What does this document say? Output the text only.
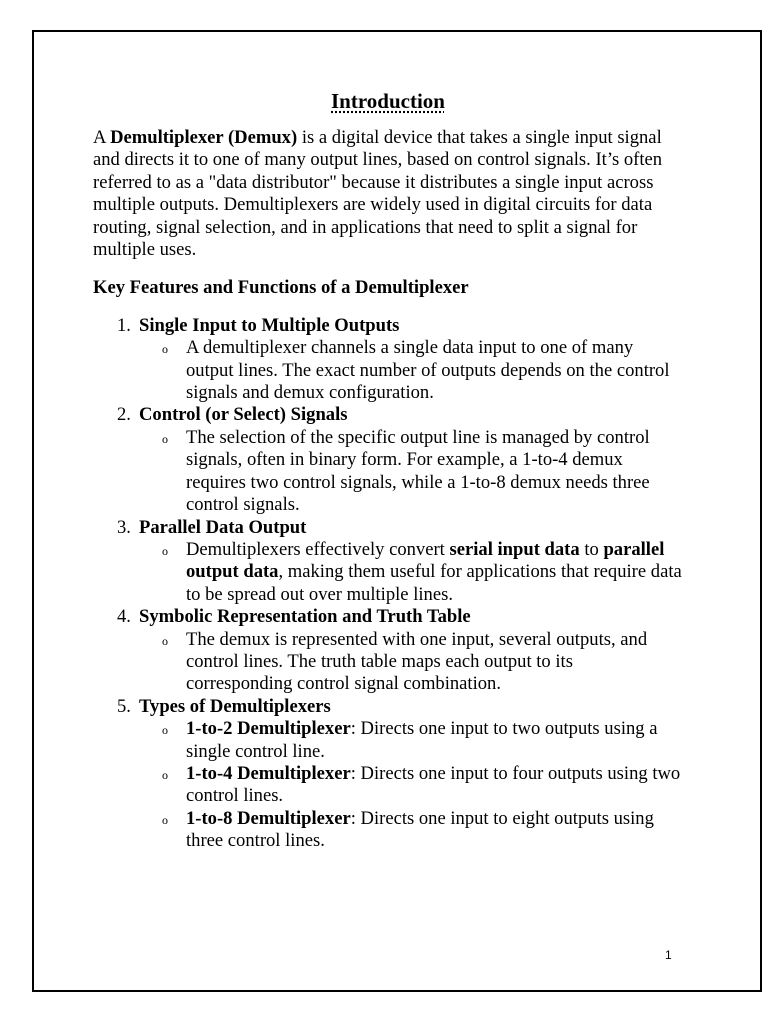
Introduction

A Demultiplexer (Demux) is a digital device that takes a single input signal and directs it to one of many output lines, based on control signals. It’s often referred to as a "data distributor" because it distributes a single input across multiple outputs. Demultiplexers are widely used in digital circuits for data routing, signal selection, and in applications that need to split a signal for multiple uses.

Key Features and Functions of a Demultiplexer
1. Single Input to Multiple Outputs
o A demultiplexer channels a single data input to one of many output lines. The exact number of outputs depends on the control signals and demux configuration.
2. Control (or Select) Signals
o The selection of the specific output line is managed by control signals, often in binary form. For example, a 1-to-4 demux requires two control signals, while a 1-to-8 demux needs three control signals.
3. Parallel Data Output
o Demultiplexers effectively convert serial input data to parallel output data, making them useful for applications that require data to be spread out over multiple lines.
4. Symbolic Representation and Truth Table
o The demux is represented with one input, several outputs, and control lines. The truth table maps each output to its corresponding control signal combination.
5. Types of Demultiplexers
o 1-to-2 Demultiplexer: Directs one input to two outputs using a single control line.
o 1-to-4 Demultiplexer: Directs one input to four outputs using two control lines.
o 1-to-8 Demultiplexer: Directs one input to eight outputs using three control lines.
1
